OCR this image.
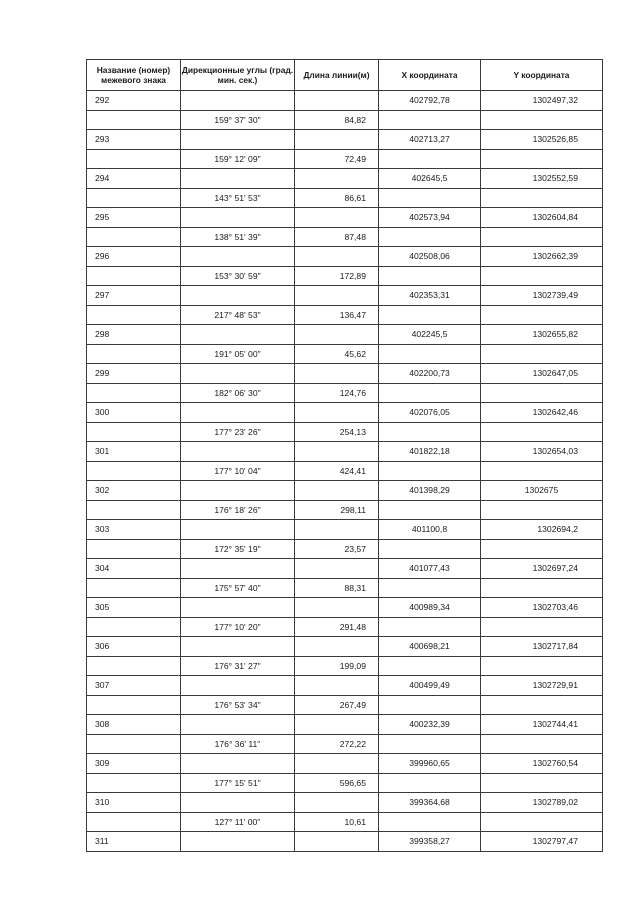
Название (номер) межевого знака	Дирекционные углы (град. мин. сек.)	Длина линии(м)	X координата	Y координата
292			402792,78	1302497,32
	159° 37' 30"	84,82		
293			402713,27	1302526,85
	159° 12' 09"	72,49		
294			402645,5	1302552,59
	143° 51' 53"	86,61		
295			402573,94	1302604,84
	138° 51' 39"	87,48		
296			402508,06	1302662,39
	153° 30' 59"	172,89		
297			402353,31	1302739,49
	217° 48' 53"	136,47		
298			402245,5	1302655,82
	191° 05' 00"	45,62		
299			402200,73	1302647,05
	182° 06' 30"	124,76		
300			402076,05	1302642,46
	177° 23' 26"	254,13		
301			401822,18	1302654,03
	177° 10' 04"	424,41		
302			401398,29	1302675
	176° 18' 26"	298,11		
303			401100,8	1302694,2
	172° 35' 19"	23,57		
304			401077,43	1302697,24
	175° 57' 40"	88,31		
305			400989,34	1302703,46
	177° 10' 20"	291,48		
306			400698,21	1302717,84
	176° 31' 27"	199,09		
307			400499,49	1302729,91
	176° 53' 34"	267,49		
308			400232,39	1302744,41
	176° 36' 11"	272,22		
309			399960,65	1302760,54
	177° 15' 51"	596,65		
310			399364,68	1302789,02
	127° 11' 00"	10,61		
311			399358,27	1302797,47
